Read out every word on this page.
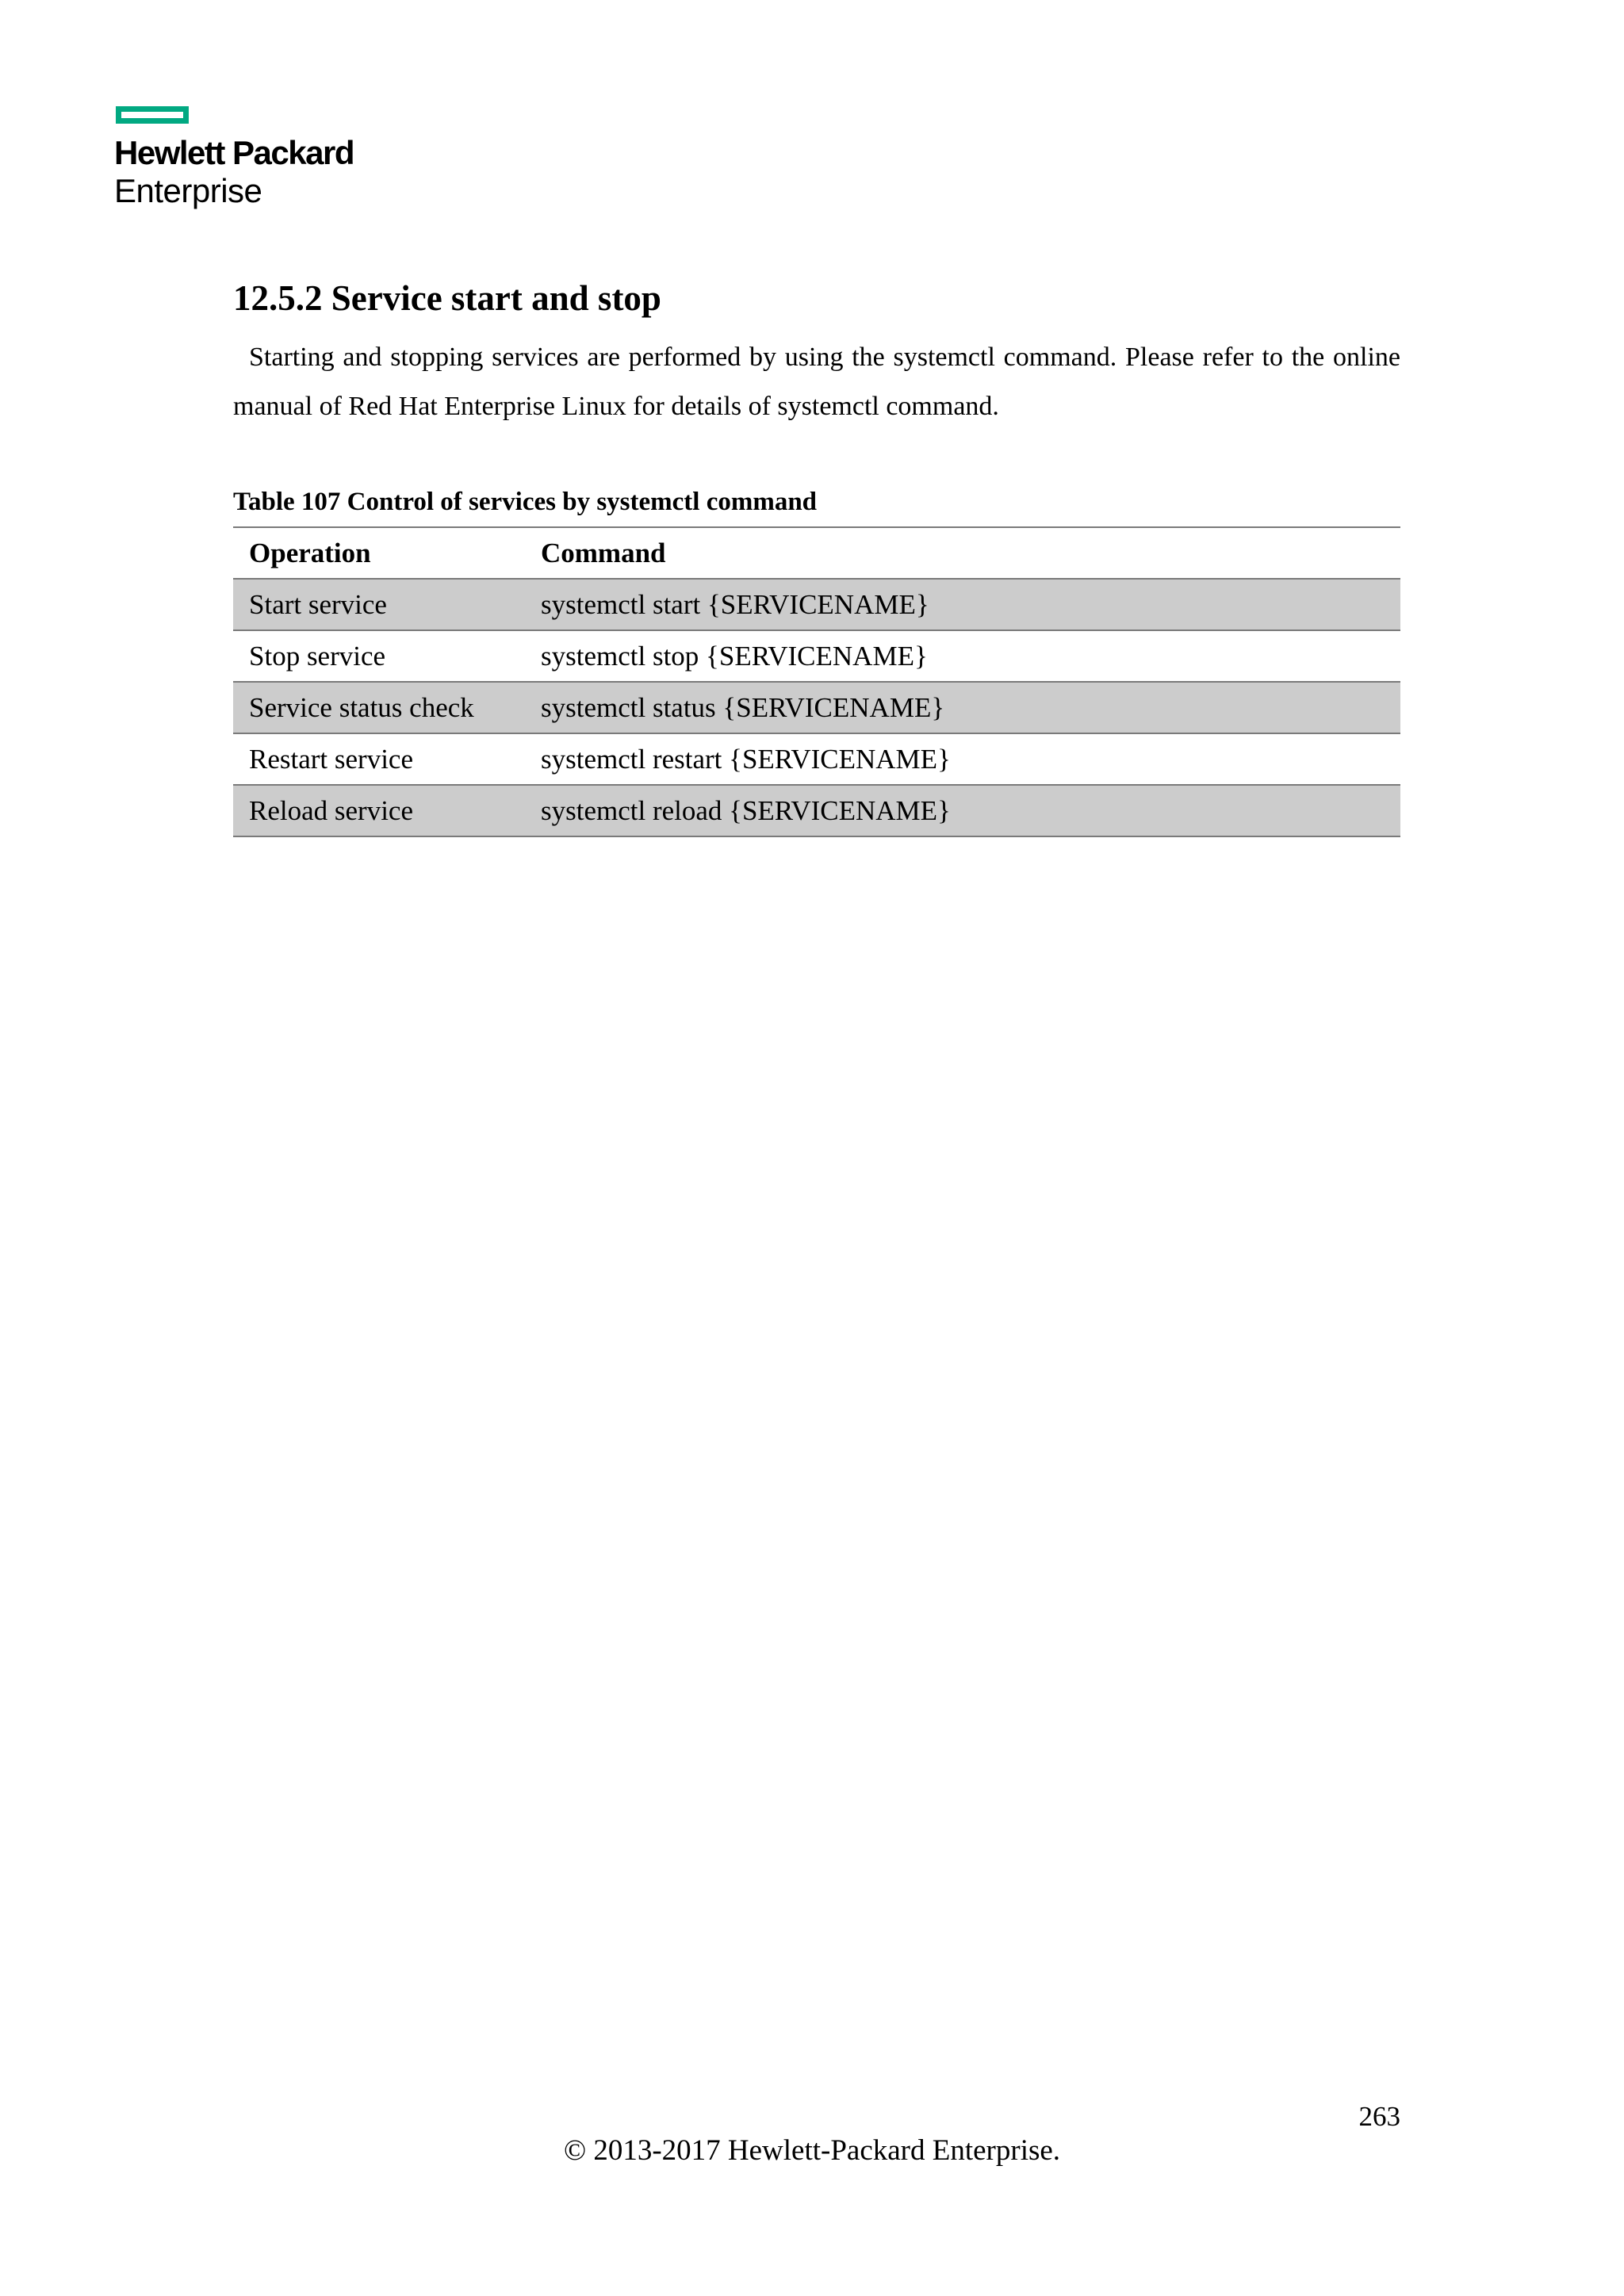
Hewlett Packard
Enterprise
12.5.2 Service start and stop

Starting and stopping services are performed by using the systemctl command. Please refer to the online manual of Red Hat Enterprise Linux for details of systemctl command.

Table 107 Control of services by systemctl command
Operation	Command
Start service	systemctl start {SERVICENAME}
Stop service	systemctl stop {SERVICENAME}
Service status check	systemctl status {SERVICENAME}
Restart service	systemctl restart {SERVICENAME}
Reload service	systemctl reload {SERVICENAME}
263
© 2013-2017 Hewlett-Packard Enterprise.
